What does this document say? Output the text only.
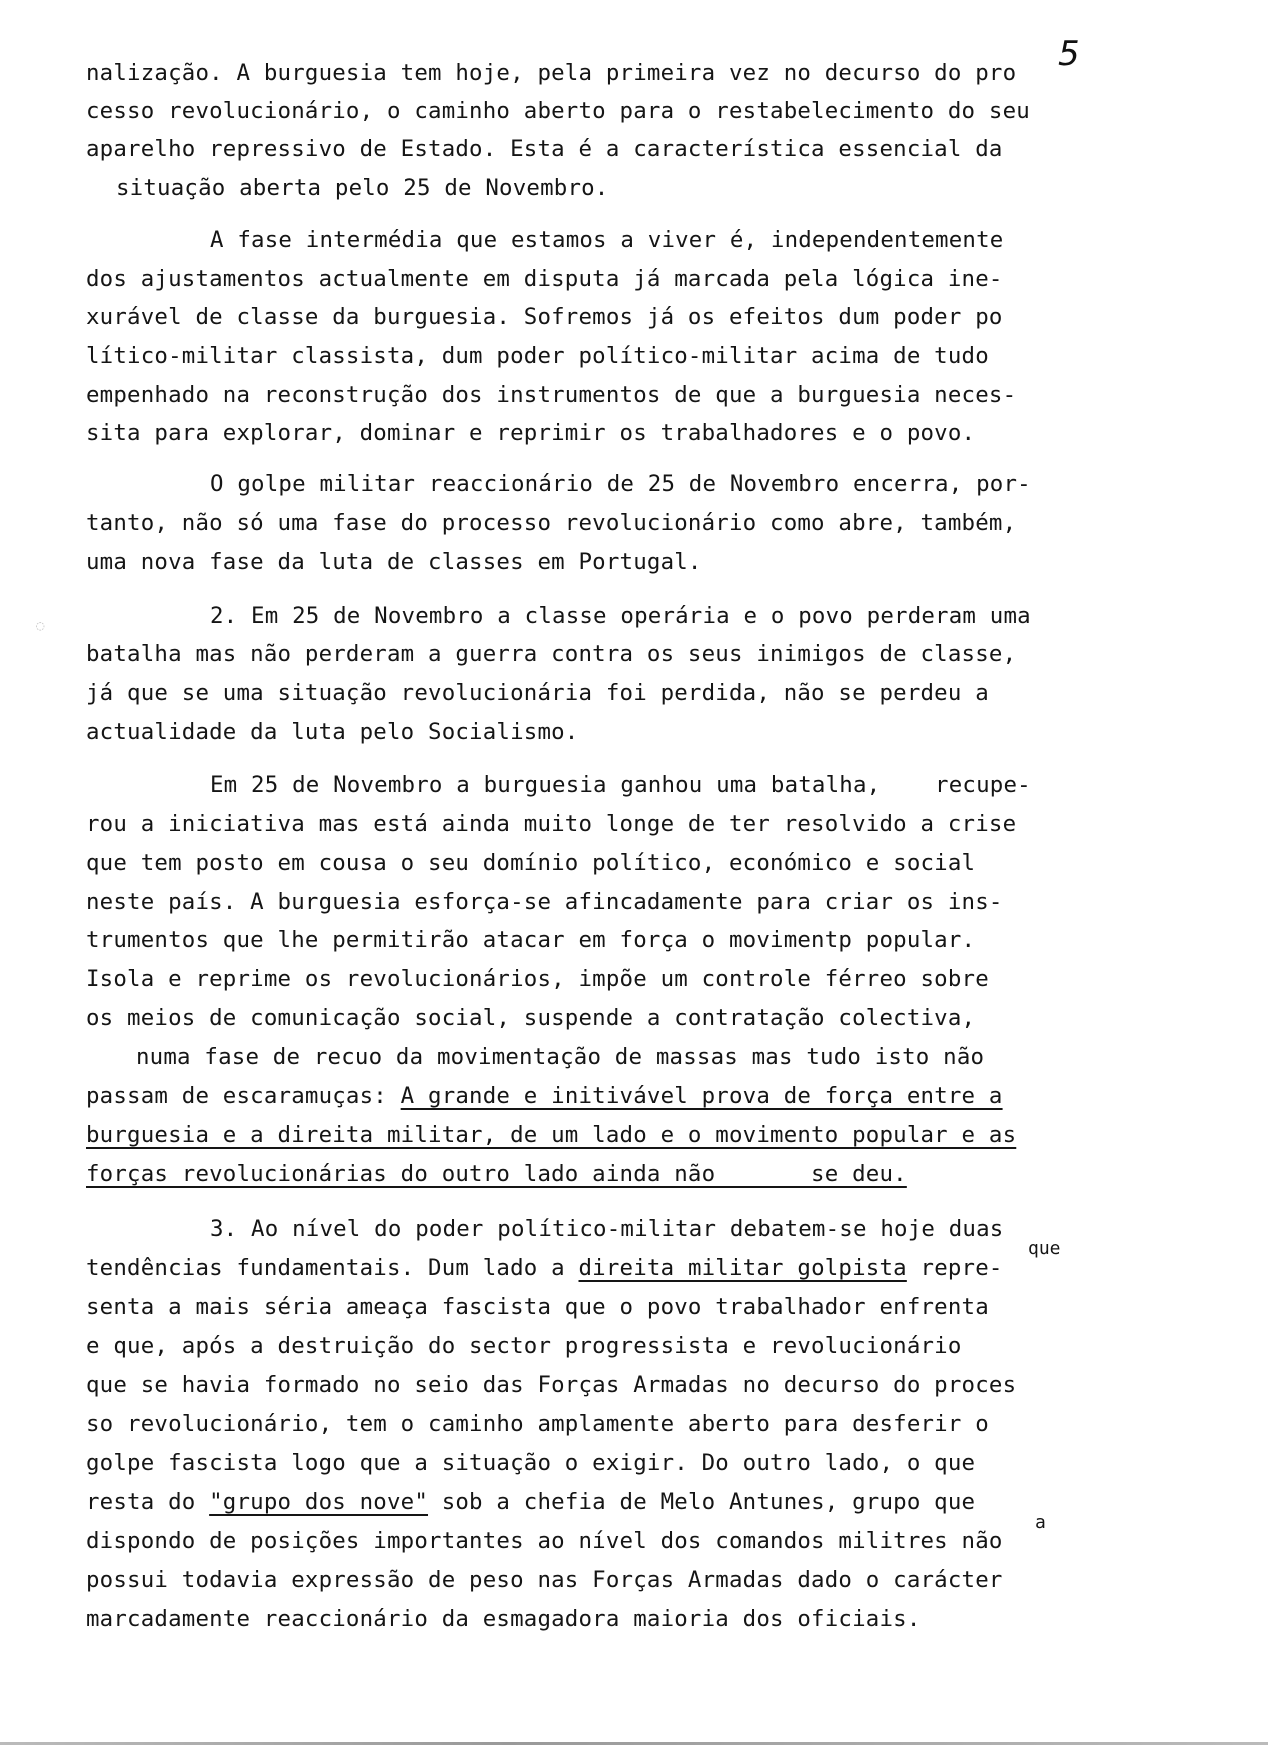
5
nalização. A burguesia tem hoje, pela primeira vez no decurso do pro
cesso revolucionário, o caminho aberto para o restabelecimento do seu
aparelho repressivo de Estado. Esta é a característica essencial da
situação aberta pelo 25 de Novembro.
A fase intermédia que estamos a viver é, independentemente
dos ajustamentos actualmente em disputa já marcada pela lógica ine-
xurável de classe da burguesia. Sofremos já os efeitos dum poder po
lítico-militar classista, dum poder político-militar acima de tudo
empenhado na reconstrução dos instrumentos de que a burguesia neces-
sita para explorar, dominar e reprimir os trabalhadores e o povo.
O golpe militar reaccionário de 25 de Novembro encerra, por-
tanto, não só uma fase do processo revolucionário como abre, também,
uma nova fase da luta de classes em Portugal.
2. Em 25 de Novembro a classe operária e o povo perderam uma
batalha mas não perderam a guerra contra os seus inimigos de classe,
já que se uma situação revolucionária foi perdida, não se perdeu a
actualidade da luta pelo Socialismo.
Em 25 de Novembro a burguesia ganhou uma batalha,    recupe-
rou a iniciativa mas está ainda muito longe de ter resolvido a crise
que tem posto em cousa o seu domínio político, económico e social
neste país. A burguesia esforça-se afincadamente para criar os ins-
trumentos que lhe permitirão atacar em força o movimentp popular.
Isola e reprime os revolucionários, impõe um controle férreo sobre
os meios de comunicação social, suspende a contratação colectiva,
numa fase de recuo da movimentação de massas mas tudo isto não
passam de escaramuças: A grande e initivável prova de força entre a
burguesia e a direita militar, de um lado e o movimento popular e as
forças revolucionárias do outro lado ainda não       se deu.
3. Ao nível do poder político-militar debatem-se hoje duas
tendências fundamentais. Dum lado a direita militar golpista repre-
senta a mais séria ameaça fascista que o povo trabalhador enfrenta
e que, após a destruição do sector progressista e revolucionário
que se havia formado no seio das Forças Armadas no decurso do proces
so revolucionário, tem o caminho amplamente aberto para desferir o
golpe fascista logo que a situação o exigir. Do outro lado, o que
resta do "grupo dos nove" sob a chefia de Melo Antunes, grupo que
dispondo de posições importantes ao nível dos comandos militres não
possui todavia expressão de peso nas Forças Armadas dado o carácter
marcadamente reaccionário da esmagadora maioria dos oficiais.
que
a
◌
